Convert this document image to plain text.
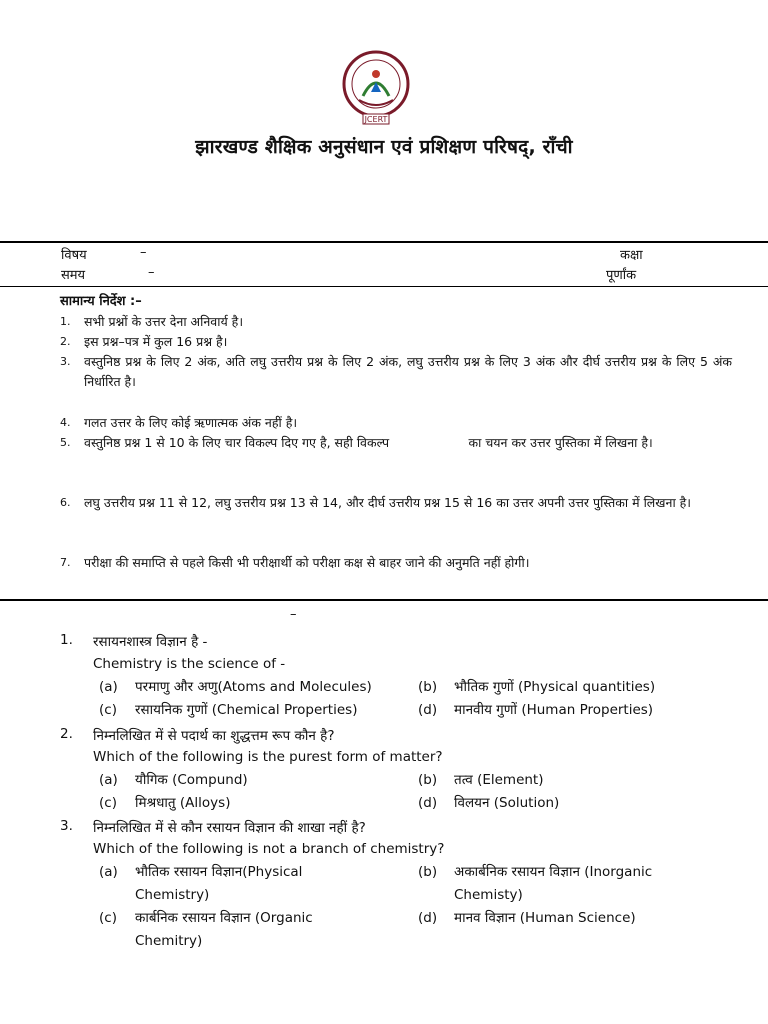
JCERT
झारखण्ड शैक्षिक अनुसंधान एवं प्रशिक्षण परिषद्, राँची
विषय	–	कक्षा
समय	–	पूर्णांक
सामान्य निर्देश :–
1.	सभी प्रश्नों के उत्तर देना अनिवार्य है।
2.	इस प्रश्न–पत्र में कुल 16 प्रश्न है।
3.	वस्तुनिष्ठ प्रश्न के लिए 2 अंक, अति लघु उत्तरीय प्रश्न के लिए 2 अंक, लघु उत्तरीय प्रश्न के लिए 3 अंक और दीर्घ उत्तरीय प्रश्न के लिए 5 अंक निर्धारित है।
4.	गलत उत्तर के लिए कोई ऋणात्मक अंक नहीं है।
5.	वस्तुनिष्ठ प्रश्न 1 से 10 के लिए चार विकल्प दिए गए है, सही विकल्प                    का चयन कर उत्तर पुस्तिका में लिखना है।
6.	लघु उत्तरीय प्रश्न 11 से 12, लघु उत्तरीय प्रश्न 13 से 14, और दीर्घ उत्तरीय प्रश्न 15 से 16 का उत्तर अपनी उत्तर पुस्तिका में लिखना है।
7.	परीक्षा की समाप्ति से पहले किसी भी परीक्षार्थी को परीक्षा कक्ष से बाहर जाने की अनुमति नहीं होगी।
–
1. रसायनशास्त्र विज्ञान है -
Chemistry is the science of -
(a) परमाणु और अणु(Atoms and Molecules)	(b) भौतिक गुणों (Physical quantities)
(c) रसायनिक गुणों (Chemical Properties)	(d) मानवीय गुणों (Human Properties)
2. निम्नलिखित में से पदार्थ का शुद्धत्तम रूप कौन है?
Which of the following is the purest form of matter?
(a) यौगिक (Compund)	(b) तत्व (Element)
(c) मिश्रधातु (Alloys)	(d) विलयन (Solution)
3. निम्नलिखित में से कौन रसायन विज्ञान की शाखा नहीं है?
Which of the following is not a branch of chemistry?
(a) भौतिक रसायन विज्ञान(Physical Chemistry)
(b) अकार्बनिक रसायन विज्ञान (Inorganic Chemisty)
(c) कार्बनिक रसायन विज्ञान (Organic Chemitry)
(d) मानव विज्ञान (Human Science)
